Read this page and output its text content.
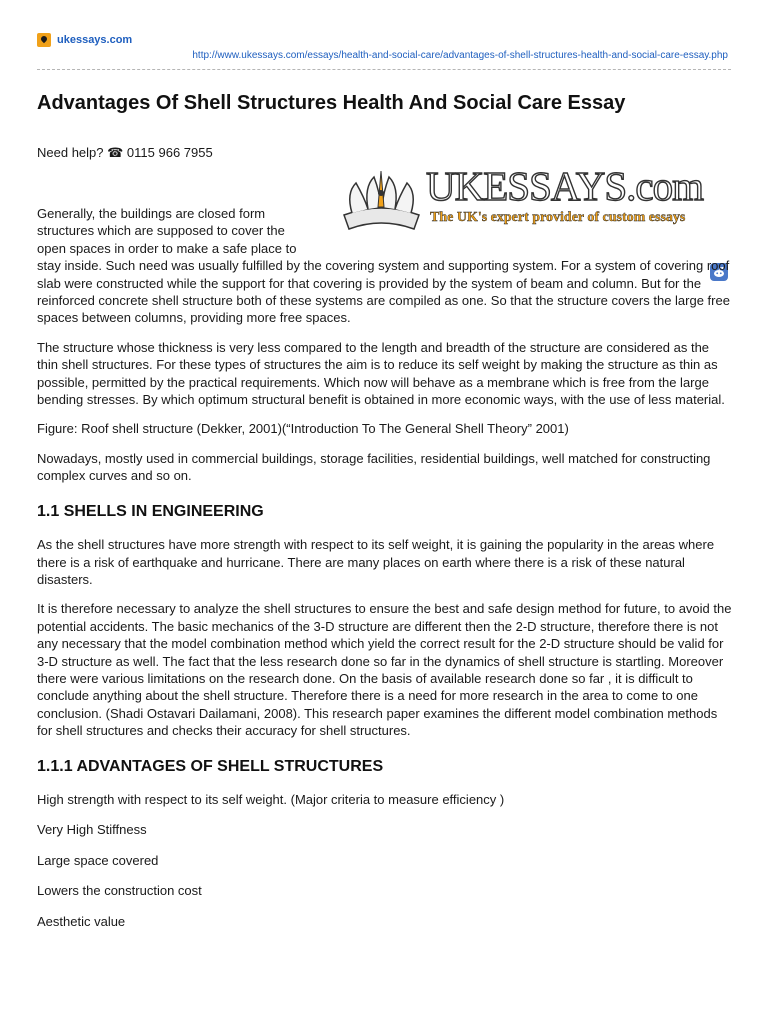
ukessays.com
http://www.ukessays.com/essays/health-and-social-care/advantages-of-shell-structures-health-and-social-care-essay.php
Advantages Of Shell Structures Health And Social Care Essay
Need help? ☎ 0115 966 7955
UKESSAYS.com
The UK's expert provider of custom essays

Generally, the buildings are closed form structures which are supposed to cover the open spaces in order to make a safe place to stay inside. Such need was usually fulfilled by the covering system and supporting system. For a system of covering roof slab were constructed while the support for that covering is provided by the system of beam and column. But for the reinforced concrete shell structure both of these systems are compiled as one. So that the structure covers the large free spaces between columns, providing more free spaces.

The structure whose thickness is very less compared to the length and breadth of the structure are considered as the thin shell structures. For these types of structures the aim is to reduce its self weight by making the structure as thin as possible, permitted by the practical requirements. Which now will behave as a membrane which is free from the large bending stresses. By which optimum structural benefit is obtained in more economic ways, with the use of less material.

Figure: Roof shell structure (Dekker, 2001)(“Introduction To The General Shell Theory” 2001)

Nowadays, mostly used in commercial buildings, storage facilities, residential buildings, well matched for constructing complex curves and so on.

1.1 SHELLS IN ENGINEERING

As the shell structures have more strength with respect to its self weight, it is gaining the popularity in the areas where there is a risk of earthquake and hurricane. There are many places on earth where there is a risk of these natural disasters.

It is therefore necessary to analyze the shell structures to ensure the best and safe design method for future, to avoid the potential accidents. The basic mechanics of the 3-D structure are different then the 2-D structure, therefore there is not any necessary that the model combination method which yield the correct result for the 2-D structure should be valid for 3-D structure as well. The fact that the less research done so far in the dynamics of shell structure is startling. Moreover there were various limitations on the research done. On the basis of available research done so far , it is difficult to conclude anything about the shell structure. Therefore there is a need for more research in the area to come to one conclusion. (Shadi Ostavari Dailamani, 2008). This research paper examines the different model combination methods for shell structures and checks their accuracy for shell structures.

1.1.1 ADVANTAGES OF SHELL STRUCTURES

High strength with respect to its self weight. (Major criteria to measure efficiency )

Very High Stiffness

Large space covered

Lowers the construction cost

Aesthetic value
